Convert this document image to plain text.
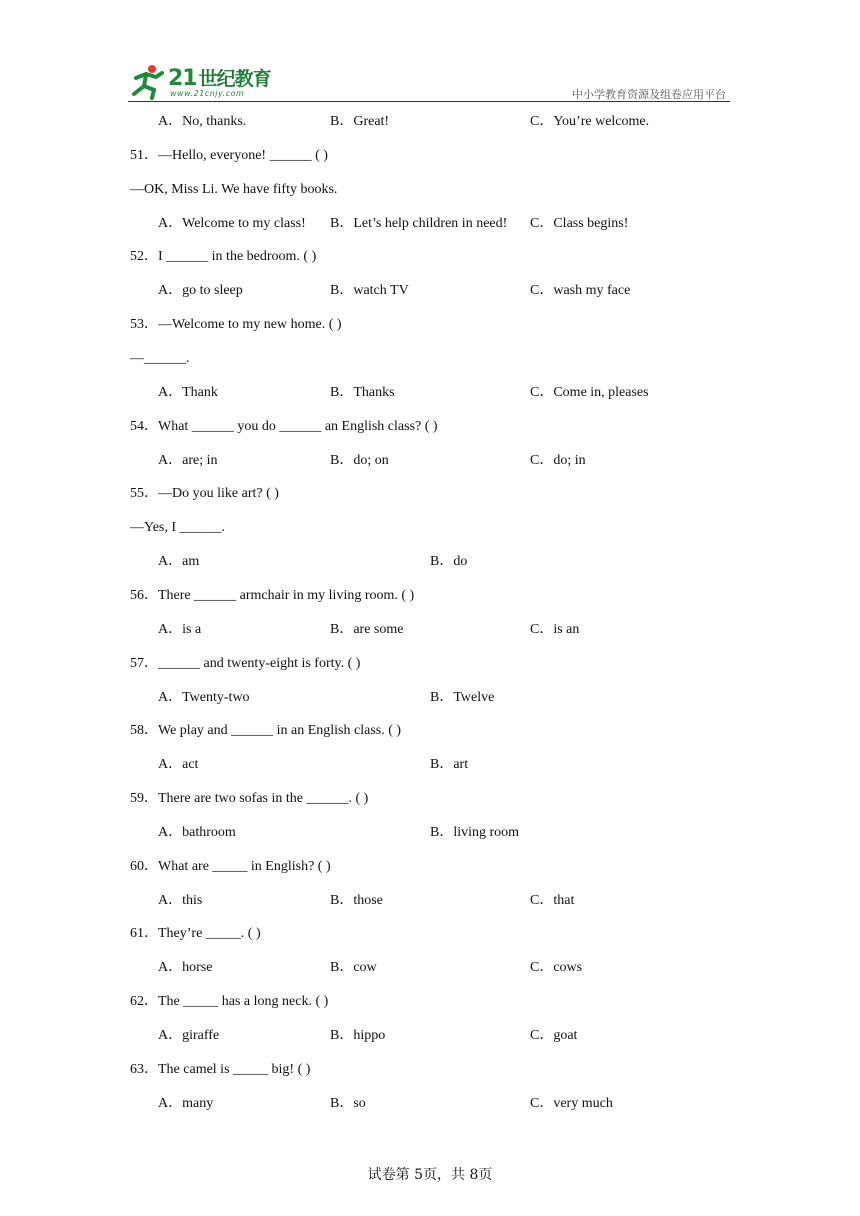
21 世纪教育
www.21cnjy.com	中小学教育资源及组卷应用平台
A．No, thanks.	B．Great!	C．You’re welcome.
51．—Hello, everyone! ______ ( )
—OK, Miss Li. We have fifty books.
A．Welcome to my class! B．Let’s help children in need! C．Class begins!
52．I ______ in the bedroom. ( )
A．go to sleep	B．watch TV	C．wash my face
53．—Welcome to my new home. ( )
—______.
A．Thank	B．Thanks	C．Come in, pleases
54．What ______ you do ______ an English class? ( )
A．are; in	B．do; on	C．do; in
55．—Do you like art? ( )
—Yes, I ______.
A．am	B．do
56．There ______ armchair in my living room. ( )
A．is a	B．are some	C．is an
57．______ and twenty-eight is forty. ( )
A．Twenty-two	B．Twelve
58．We play and ______ in an English class. ( )
A．act	B．art
59．There are two sofas in the ______. ( )
A．bathroom	B．living room
60．What are _____ in English? ( )
A．this	B．those	C．that
61．They’re _____. ( )
A．horse	B．cow	C．cows
62．The _____ has a long neck. ( )
A．giraffe	B．hippo	C．goat
63．The camel is _____ big! ( )
A．many	B．so	C．very much
试卷第 5页，共 8页
